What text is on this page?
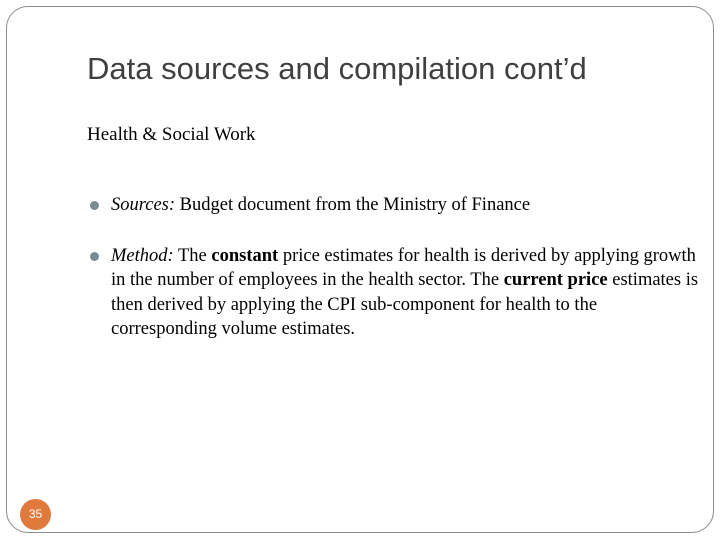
Data sources and compilation cont’d
Health & Social Work
Sources: Budget document from the Ministry of Finance
Method: The constant price estimates for health is derived by applying growth in the number of employees in the health sector. The current price estimates is then derived by applying the CPI sub-component for health to the corresponding volume estimates.
35
